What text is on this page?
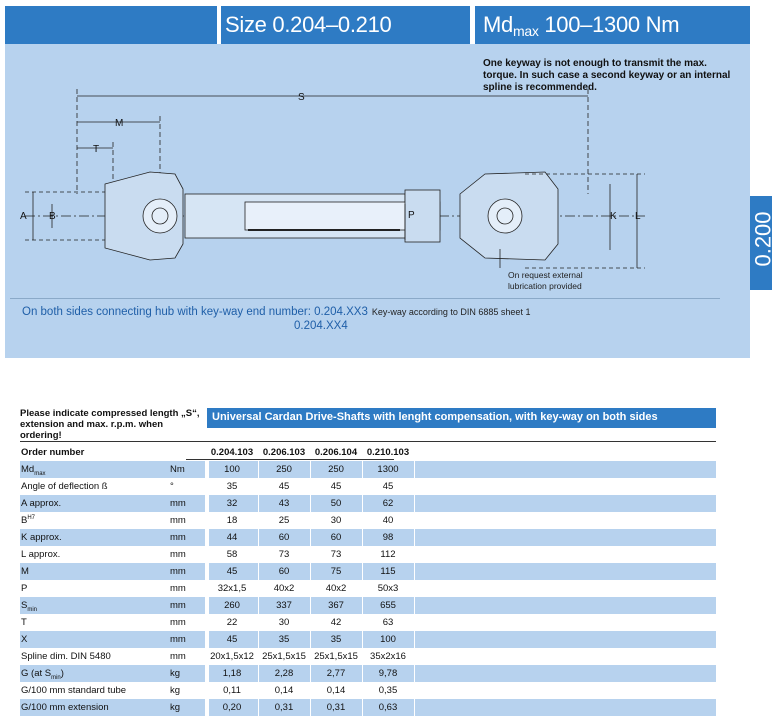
Size 0.204–0.210	$Md_{max}$ 100–1300 Nm
One keyway is not enough to transmit the max. torque. In such case a second keyway or an internal spline is recommended.
S
M
T
A B	P	K L
On request external
lubrication provided
On both sides connecting hub with key-way end number: 0.204.XX3 Key-way according to DIN 6885 sheet 1
0.204.XX4
0.200
Please indicate compressed length „S“, extension and max. r.p.m. when ordering!
Universal Cardan Drive-Shafts with lenght compensation, with key-way on both sides
Order number	0.204.103	0.206.103	0.206.104	0.210.103
$Md_{max}$	Nm	100	250	250	1300
Angle of deflection ß	°	35	45	45	45
A approx.	mm	32	43	50	62
$B^{H7}$	mm	18	25	30	40
K approx.	mm	44	60	60	98
L approx.	mm	58	73	73	112
M	mm	45	60	75	115
P	mm	32x1,5	40x2	40x2	50x3
$S_{min}$	mm	260	337	367	655
T	mm	22	30	42	63
X	mm	45	35	35	100
Spline dim. DIN 5480	mm	20x1,5x12 25x1,5x15 25x1,5x15	35x2x16
G (at $S_{min}$)	kg	1,18	2,28	2,77	9,78
G/100 mm standard tube	kg	0,11	0,14	0,14	0,35
G/100 mm extension	kg	0,20	0,31	0,31	0,63
